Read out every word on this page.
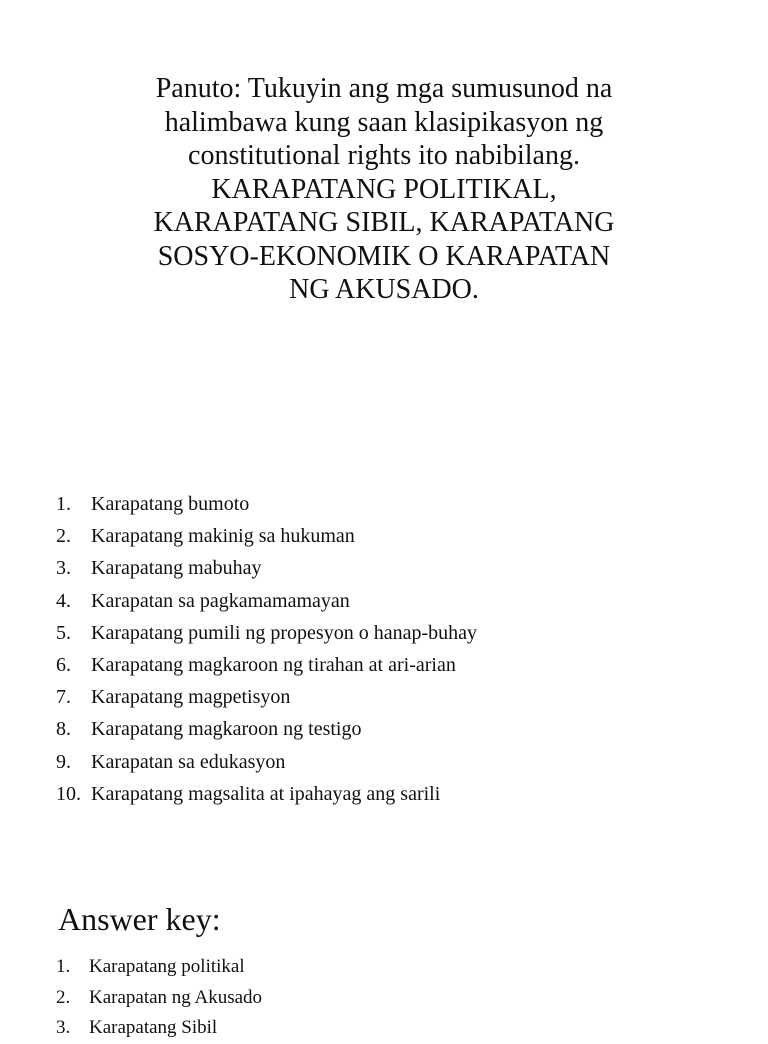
Panuto: Tukuyin ang mga sumusunod na
halimbawa kung saan klasipikasyon ng
constitutional rights ito nabibilang.
KARAPATANG POLITIKAL,
KARAPATANG SIBIL, KARAPATANG
SOSYO-EKONOMIK O KARAPATAN
NG AKUSADO.

1.	Karapatang bumoto
2.	Karapatang makinig sa hukuman
3.	Karapatang mabuhay
4.	Karapatan sa pagkamamamayan
5.	Karapatang pumili ng propesyon o hanap-buhay
6.	Karapatang magkaroon ng tirahan at ari-arian
7.	Karapatang magpetisyon
8.	Karapatang magkaroon ng testigo
9.	Karapatan sa edukasyon
10. Karapatang magsalita at ipahayag ang sarili
Answer key:
1. Karapatang politikal
2. Karapatan ng Akusado
3. Karapatang Sibil
